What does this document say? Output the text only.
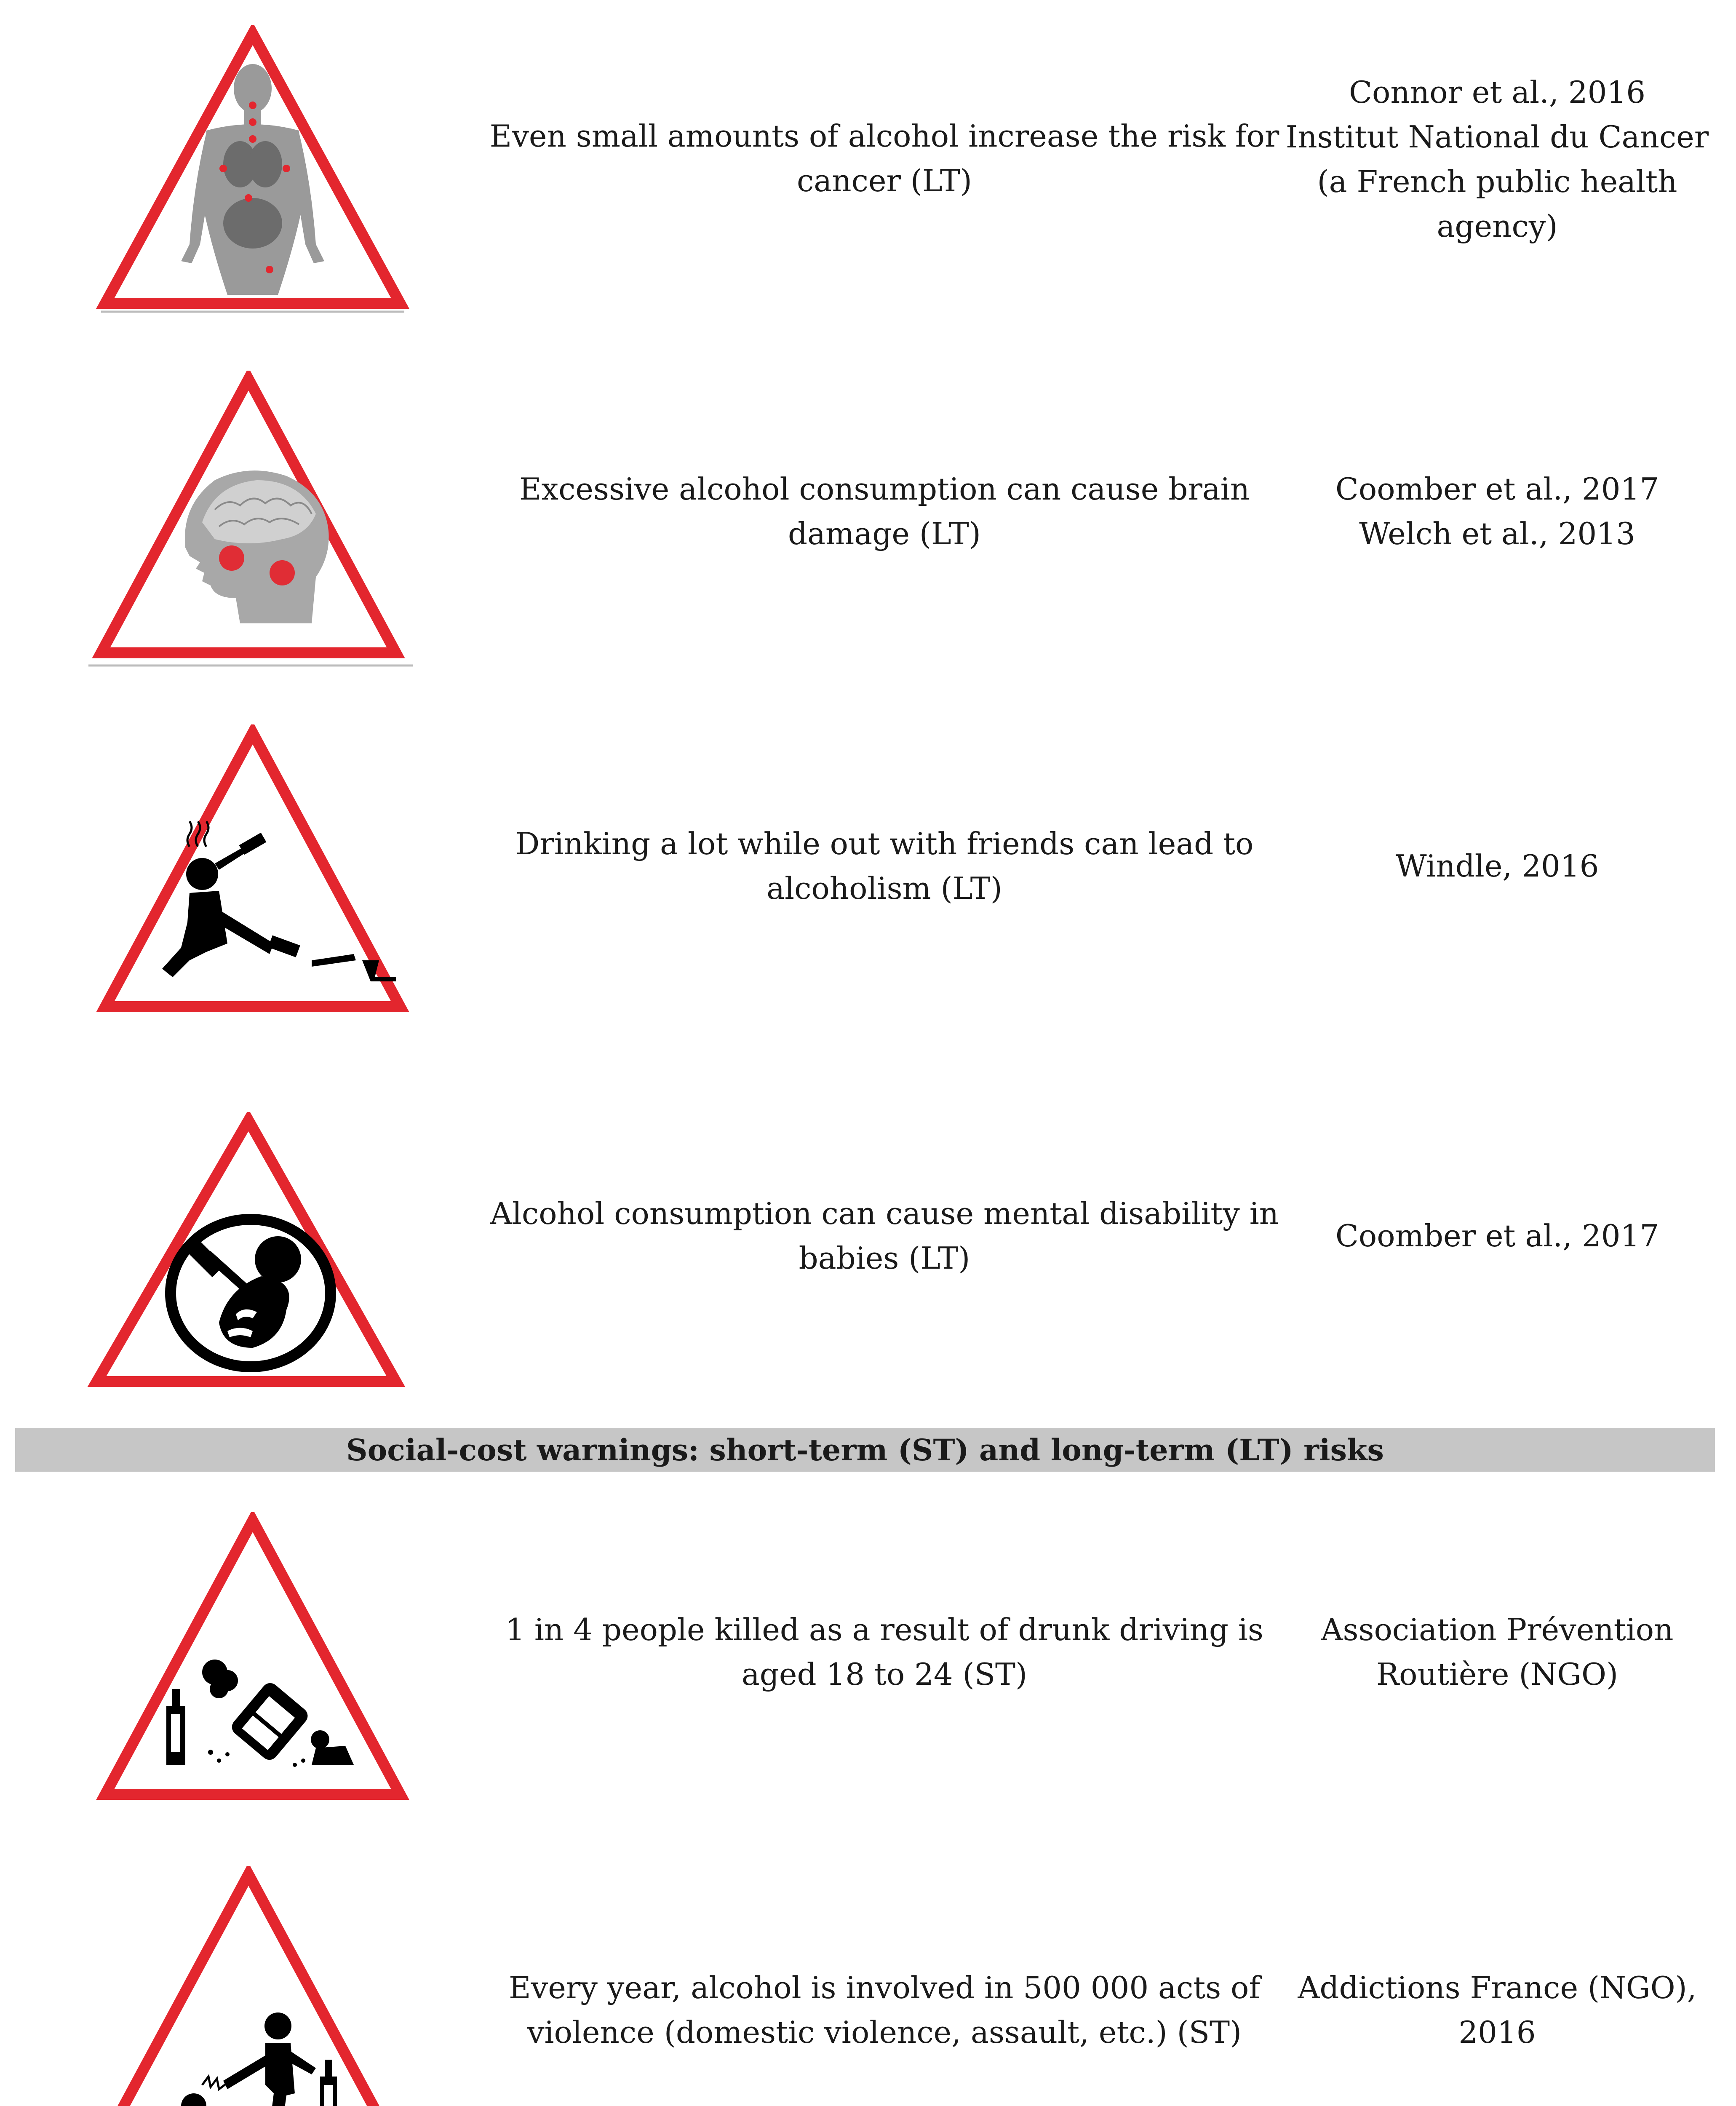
Even small amounts of alcohol increase the risk for cancer (LT)
Connor et al., 2016
Institut National du Cancer
(a French public health
agency)
Excessive alcohol consumption can cause brain damage (LT)
Coomber et al., 2017
Welch et al., 2013
Drinking a lot while out with friends can lead to alcoholism (LT)
Windle, 2016
Alcohol consumption can cause mental disability in babies (LT)
Coomber et al., 2017
Social-cost warnings: short-term (ST) and long-term (LT) risks
1 in 4 people killed as a result of drunk driving is aged 18 to 24 (ST)
Association Prévention
Routière (NGO)
Every year, alcohol is involved in 500 000 acts of violence (domestic violence, assault, etc.) (ST)
Addictions France (NGO),
2016
